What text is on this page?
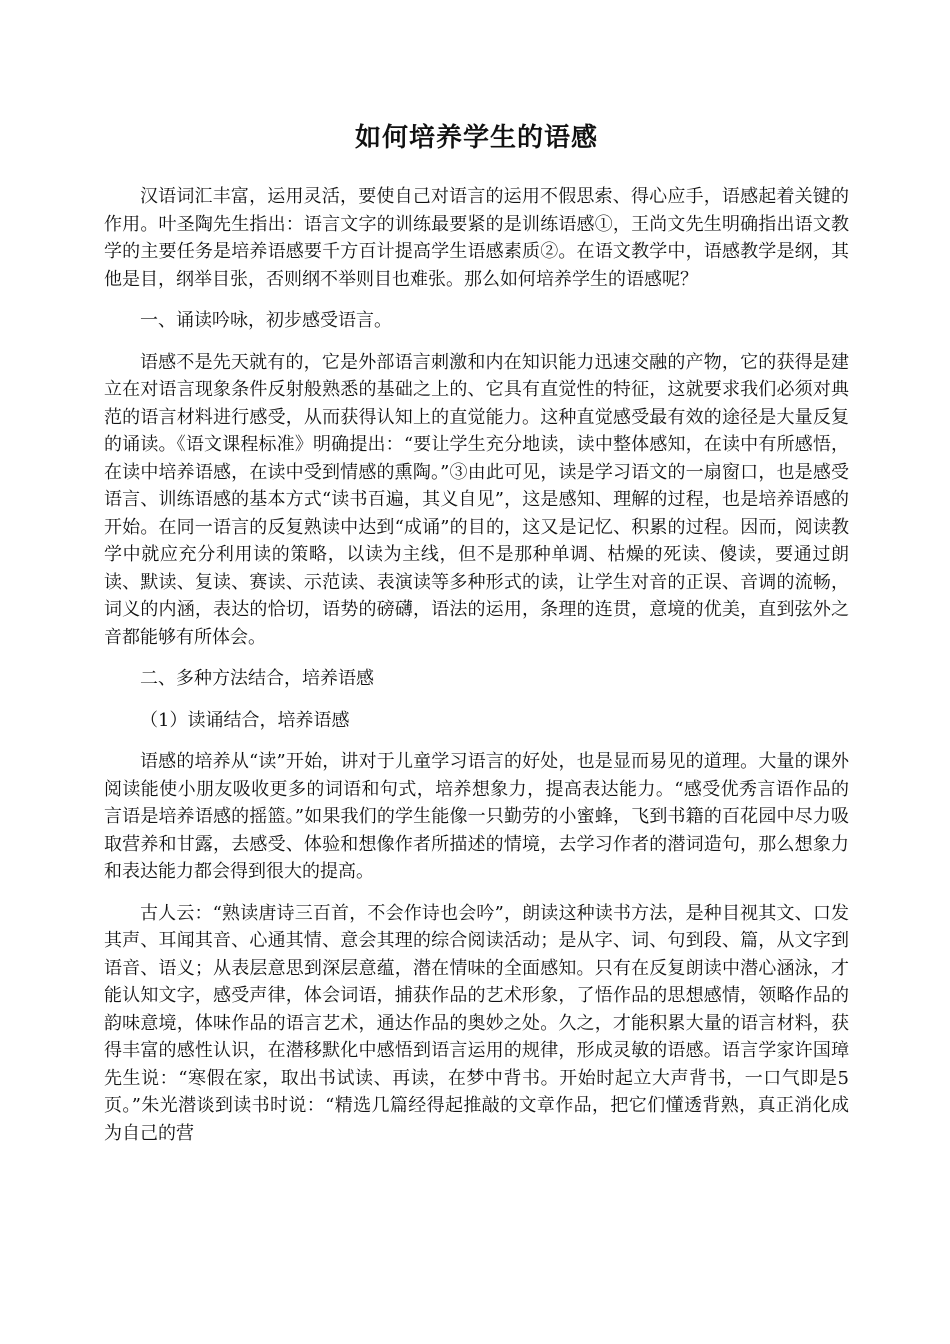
如何培养学生的语感

汉语词汇丰富，运用灵活，要使自己对语言的运用不假思索、得心应手，语感起着关键的作用。叶圣陶先生指出：语言文字的训练最要紧的是训练语感①，王尚文先生明确指出语文教学的主要任务是培养语感要千方百计提高学生语感素质②。在语文教学中，语感教学是纲，其他是目，纲举目张，否则纲不举则目也难张。那么如何培养学生的语感呢？

一、诵读吟咏，初步感受语言。

语感不是先天就有的，它是外部语言刺激和内在知识能力迅速交融的产物，它的获得是建立在对语言现象条件反射般熟悉的基础之上的、它具有直觉性的特征，这就要求我们必须对典范的语言材料进行感受，从而获得认知上的直觉能力。这种直觉感受最有效的途径是大量反复的诵读。《语文课程标准》明确提出：“要让学生充分地读，读中整体感知，在读中有所感悟，在读中培养语感，在读中受到情感的熏陶。”③由此可见，读是学习语文的一扇窗口，也是感受语言、训练语感的基本方式“读书百遍，其义自见”，这是感知、理解的过程，也是培养语感的开始。在同一语言的反复熟读中达到“成诵”的目的，这又是记忆、积累的过程。因而，阅读教学中就应充分利用读的策略，以读为主线，但不是那种单调、枯燥的死读、傻读，要通过朗读、默读、复读、赛读、示范读、表演读等多种形式的读，让学生对音的正误、音调的流畅，词义的内涵，表达的恰切，语势的磅礴，语法的运用，条理的连贯，意境的优美，直到弦外之音都能够有所体会。

二、多种方法结合，培养语感

（1）读诵结合，培养语感

语感的培养从“读”开始，讲对于儿童学习语言的好处，也是显而易见的道理。大量的课外阅读能使小朋友吸收更多的词语和句式，培养想象力，提高表达能力。“感受优秀言语作品的言语是培养语感的摇篮。”如果我们的学生能像一只勤劳的小蜜蜂，飞到书籍的百花园中尽力吸取营养和甘露，去感受、体验和想像作者所描述的情境，去学习作者的潜词造句，那么想象力和表达能力都会得到很大的提高。

古人云：“熟读唐诗三百首，不会作诗也会吟”，朗读这种读书方法，是种目视其文、口发其声、耳闻其音、心通其情、意会其理的综合阅读活动；是从字、词、句到段、篇，从文字到语音、语义；从表层意思到深层意蕴，潜在情味的全面感知。只有在反复朗读中潜心涵泳，才能认知文字，感受声律，体会词语，捕获作品的艺术形象，了悟作品的思想感情，领略作品的韵味意境，体味作品的语言艺术，通达作品的奥妙之处。久之，才能积累大量的语言材料，获得丰富的感性认识，在潜移默化中感悟到语言运用的规律，形成灵敏的语感。语言学家许国璋先生说：“寒假在家，取出书试读、再读，在梦中背书。开始时起立大声背书，一口气即是5页。”朱光潜谈到读书时说：“精选几篇经得起推敲的文章作品，把它们懂透背熟，真正消化成为自己的营
